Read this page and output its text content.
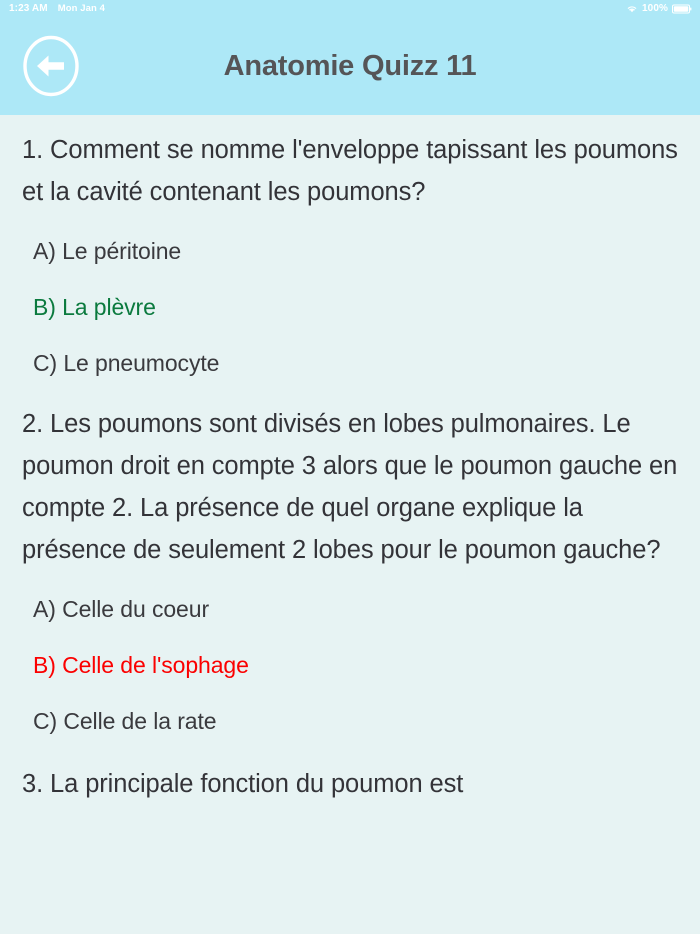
1:23 AM Mon Jan 4	100%
Anatomie Quizz 11
1. Comment se nomme l'enveloppe tapissant les poumons et la cavité contenant les poumons?
A) Le péritoine
B) La plèvre
C) Le pneumocyte
2. Les poumons sont divisés en lobes pulmonaires. Le poumon droit en compte 3 alors que le poumon gauche en compte 2. La présence de quel organe explique la présence de seulement 2 lobes pour le poumon gauche?
A) Celle du coeur
B) Celle de l'sophage
C) Celle de la rate
3. La principale fonction du poumon est
